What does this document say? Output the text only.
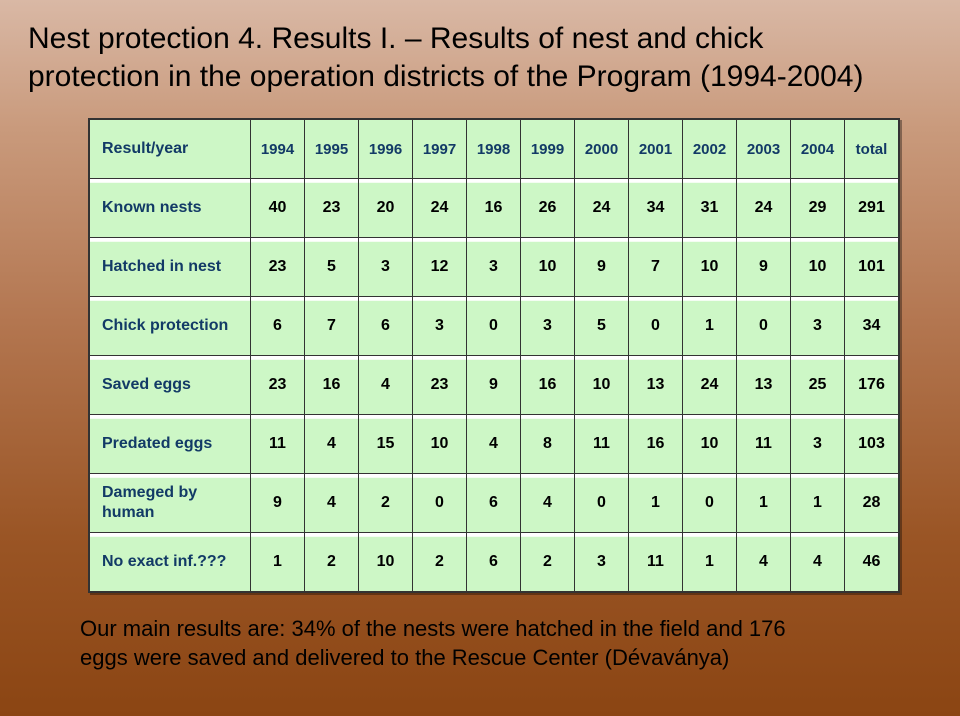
Nest protection 4. Results I. – Results of nest and chick
protection in the operation districts of the Program (1994-2004)
Result/year	1994	1995	1996	1997	1998	1999	2000	2001	2002	2003	2004	total
Known nests	40	23	20	24	16	26	24	34	31	24	29	291
Hatched in nest	23	5	3	12	3	10	9	7	10	9	10	101
Chick protection	6	7	6	3	0	3	5	0	1	0	3	34
Saved eggs	23	16	4	23	9	16	10	13	24	13	25	176
Predated eggs	11	4	15	10	4	8	11	16	10	11	3	103
Dameged by human	9	4	2	0	6	4	0	1	0	1	1	28
No exact inf.???	1	2	10	2	6	2	3	11	1	4	4	46
Our main results are: 34% of the nests were hatched in the field and 176
eggs were saved and delivered to the Rescue Center (Dévaványa)
